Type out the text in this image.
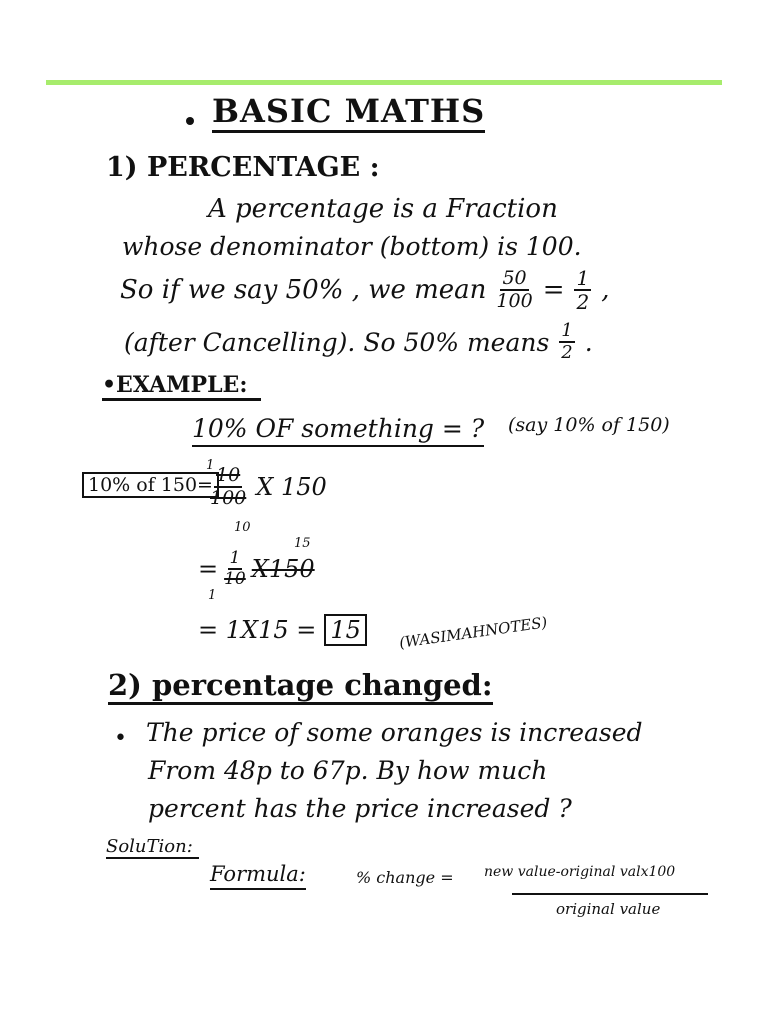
BASIC MATHS
1) PERCENTAGE :
A percentage is a Fraction
whose denominator (bottom) is 100.
So if we say 50% , we mean $\frac{50}{100} = \frac{1}{2}$ ,
(after Cancelling). So 50% means $\frac{1}{2}$ .
•EXAMPLE:
10% OF something = ? (say 10% of 150)
10% of 150=
1
$\frac{10}{100}$ X 150
10
15
= $\frac{1}{10} X150$
1
= 1X15 = 15	(WASIMAHNOTES)
2) percentage changed:
• The price of some oranges is increased
From 48p to 67p. By how much
percent has the price increased ?
SoluTion:
Formula:	% change = new value-original valx100
original value
